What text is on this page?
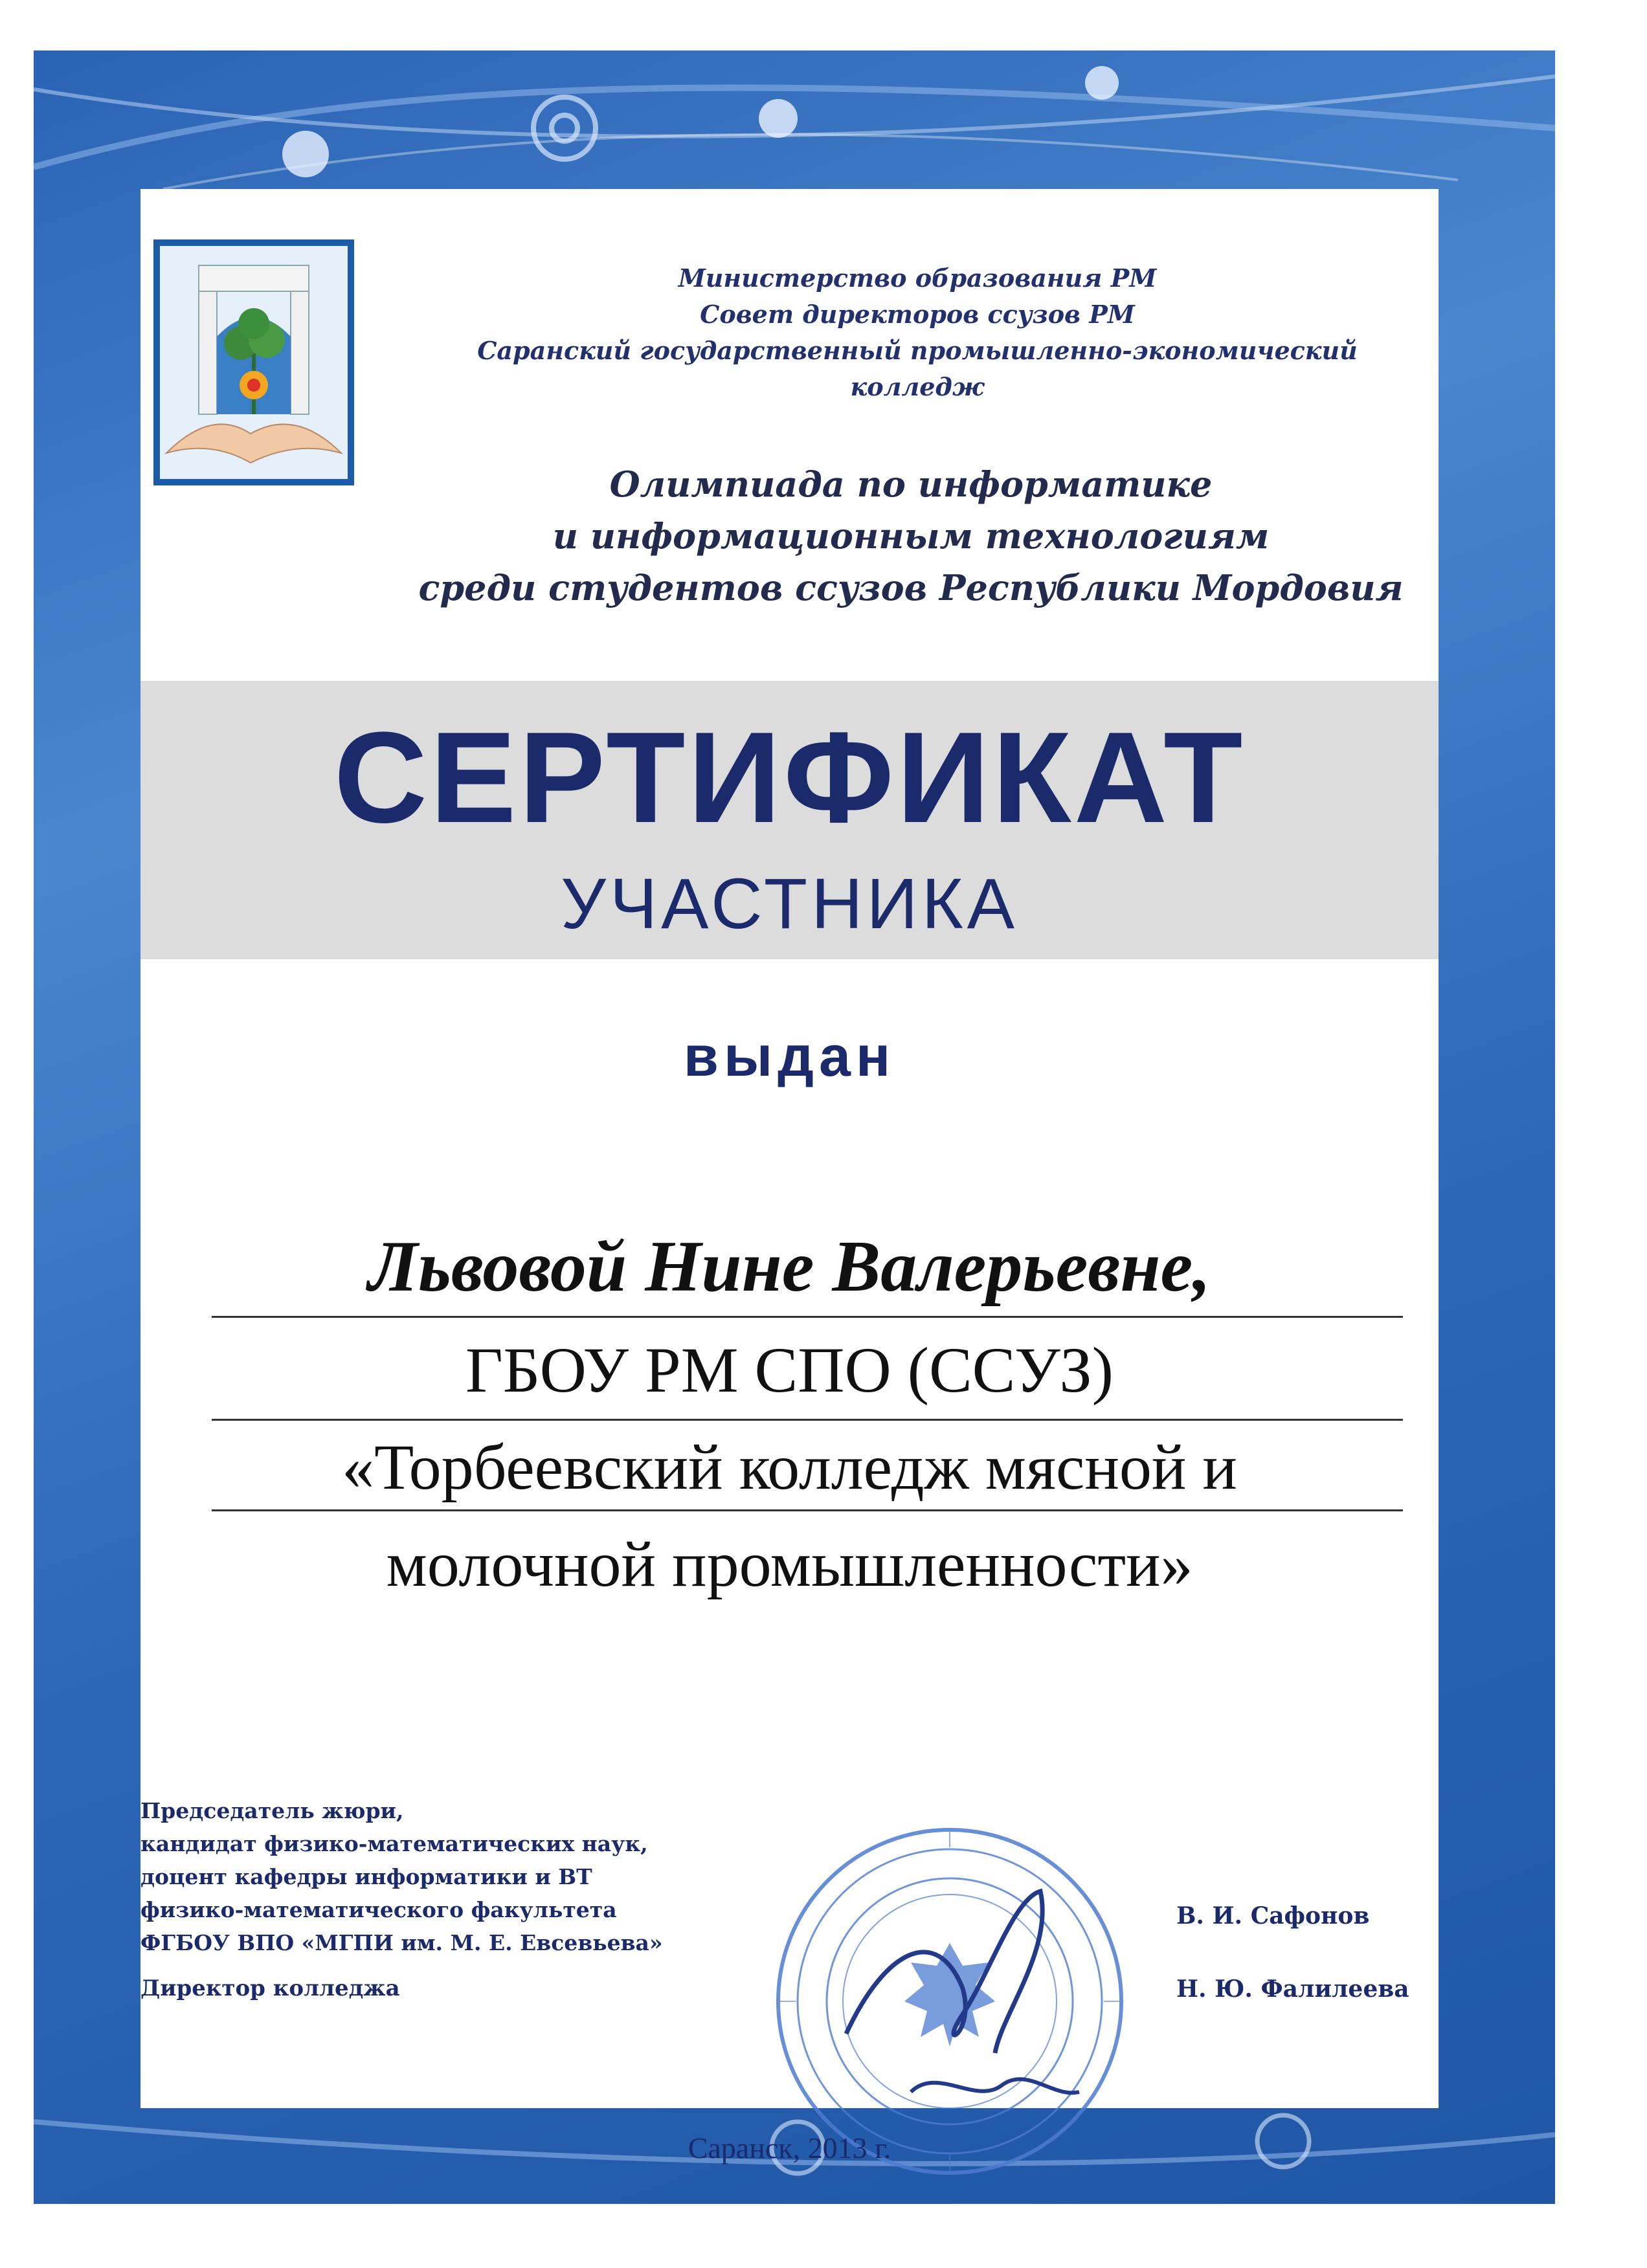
Министерство образования РМ
Совет директоров ссузов РМ
Саранский государственный промышленно-экономический колледж
Олимпиада по информатике
и информационным технологиям
среди студентов ссузов Республики Мордовия
СЕРТИФИКАТ
УЧАСТНИКА
выдан
Львовой Нине Валерьевне,
ГБОУ РМ СПО (ССУЗ)
«Торбеевский колледж мясной и
молочной промышленности»
Председатель жюри,
кандидат физико-математических наук,
доцент кафедры информатики и ВТ
физико-математического факультета
ФГБОУ ВПО «МГПИ им. М. Е. Евсевьева»
Директор колледжа
В. И. Сафонов
Н. Ю. Фалилеева
Саранск, 2013 г.
